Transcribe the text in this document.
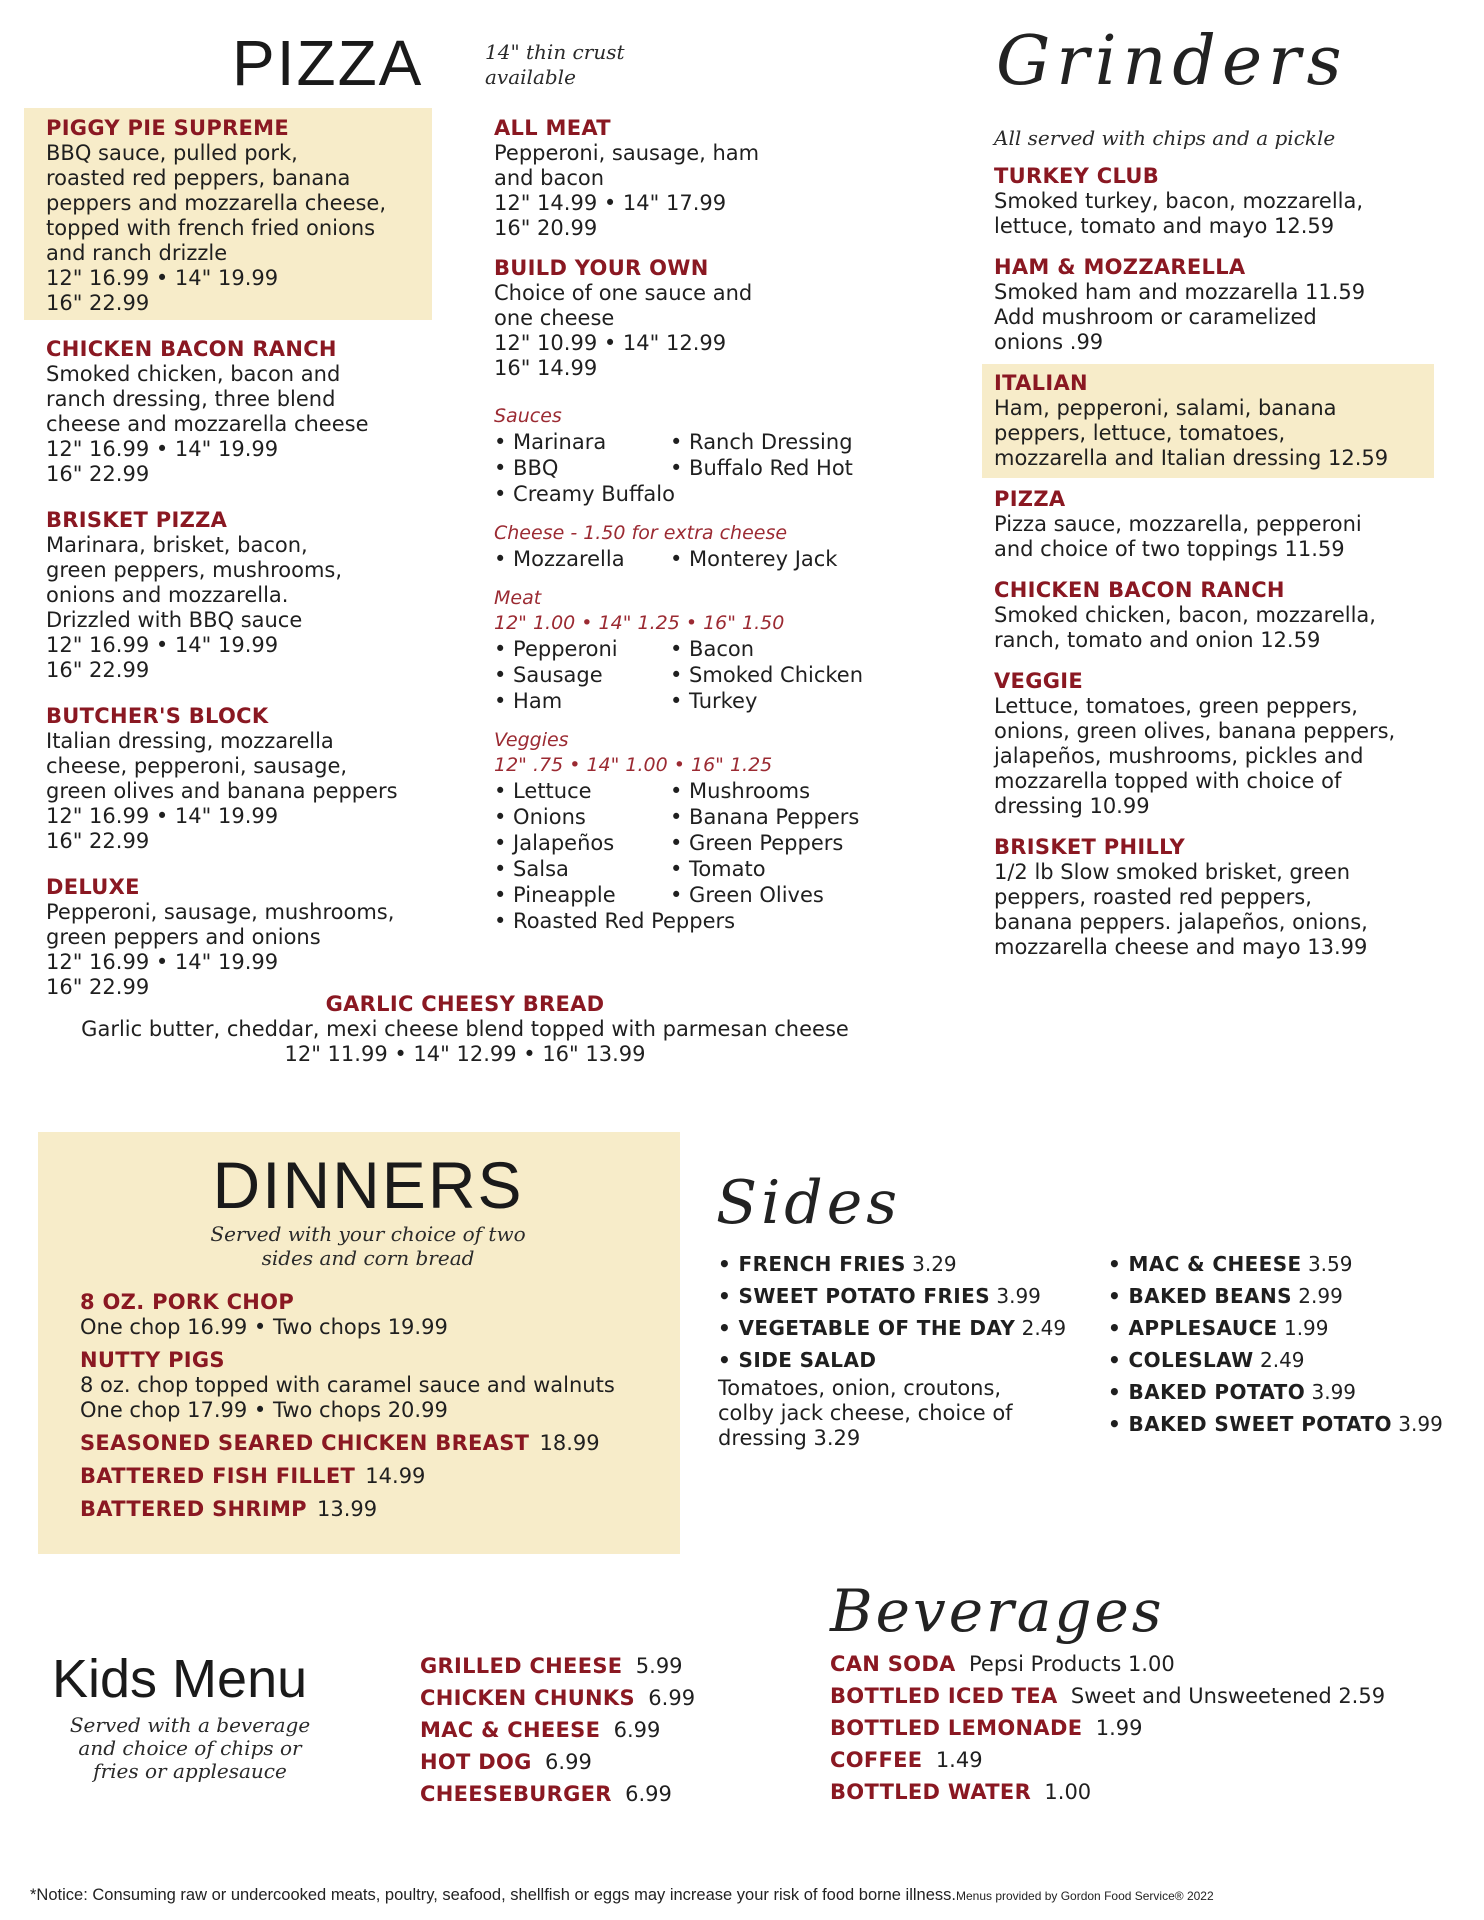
PIZZA	14" thin crust
available
PIGGY PIE SUPREME
BBQ sauce, pulled pork,
roasted red peppers, banana
peppers and mozzarella cheese,
topped with french fried onions
and ranch drizzle
12" 16.99 • 14" 19.99
16" 22.99
CHICKEN BACON RANCH
Smoked chicken, bacon and
ranch dressing, three blend
cheese and mozzarella cheese
12" 16.99 • 14" 19.99
16" 22.99
BRISKET PIZZA
Marinara, brisket, bacon,
green peppers, mushrooms,
onions and mozzarella.
Drizzled with BBQ sauce
12" 16.99 • 14" 19.99
16" 22.99
BUTCHER'S BLOCK
Italian dressing, mozzarella
cheese, pepperoni, sausage,
green olives and banana peppers
12" 16.99 • 14" 19.99
16" 22.99
DELUXE
Pepperoni, sausage, mushrooms,
green peppers and onions
12" 16.99 • 14" 19.99
16" 22.99
ALL MEAT
Pepperoni, sausage, ham
and bacon
12" 14.99 • 14" 17.99
16" 20.99
BUILD YOUR OWN
Choice of one sauce and
one cheese
12" 10.99 • 14" 12.99
16" 14.99
Sauces
• Marinara
• BBQ
• Creamy Buffalo
• Ranch Dressing
• Buffalo Red Hot
Cheese - 1.50 for extra cheese
• Mozzarella	• Monterey Jack
Meat
12" 1.00 • 14" 1.25 • 16" 1.50
• Pepperoni
• Sausage
• Ham
• Bacon
• Smoked Chicken
• Turkey
Veggies
12" .75 • 14" 1.00 • 16" 1.25
• Lettuce
• Onions
• Jalapeños
• Salsa
• Pineapple
• Roasted Red Peppers
• Mushrooms
• Banana Peppers
• Green Peppers
• Tomato
• Green Olives
GARLIC CHEESY BREAD
Garlic butter, cheddar, mexi cheese blend topped with parmesan cheese
12" 11.99 • 14" 12.99 • 16" 13.99
Grinders
All served with chips and a pickle
TURKEY CLUB
Smoked turkey, bacon, mozzarella,
lettuce, tomato and mayo 12.59
HAM & MOZZARELLA
Smoked ham and mozzarella 11.59
Add mushroom or caramelized
onions .99
ITALIAN
Ham, pepperoni, salami, banana
peppers, lettuce, tomatoes,
mozzarella and Italian dressing 12.59
PIZZA
Pizza sauce, mozzarella, pepperoni
and choice of two toppings 11.59
CHICKEN BACON RANCH
Smoked chicken, bacon, mozzarella,
ranch, tomato and onion 12.59
VEGGIE
Lettuce, tomatoes, green peppers,
onions, green olives, banana peppers,
jalapeños, mushrooms, pickles and
mozzarella topped with choice of
dressing 10.99
BRISKET PHILLY
1/2 lb Slow smoked brisket, green
peppers, roasted red peppers,
banana peppers. jalapeños, onions,
mozzarella cheese and mayo 13.99
DINNERS
Served with your choice of two
sides and corn bread
8 OZ. PORK CHOP
One chop 16.99 • Two chops 19.99
NUTTY PIGS
8 oz. chop topped with caramel sauce and walnuts
One chop 17.99 • Two chops 20.99
SEASONED SEARED CHICKEN BREAST 18.99
BATTERED FISH FILLET 14.99
BATTERED SHRIMP 13.99
Sides
• FRENCH FRIES 3.29
• SWEET POTATO FRIES 3.99
• VEGETABLE OF THE DAY 2.49
• SIDE SALAD
Tomatoes, onion, croutons,
colby jack cheese, choice of
dressing 3.29
• MAC & CHEESE 3.59
• BAKED BEANS 2.99
• APPLESAUCE 1.99
• COLESLAW 2.49
• BAKED POTATO 3.99
• BAKED SWEET POTATO 3.99
Kids Menu
Served with a beverage
and choice of chips or
fries or applesauce
GRILLED CHEESE 5.99
CHICKEN CHUNKS 6.99
MAC & CHEESE 6.99
HOT DOG 6.99
CHEESEBURGER 6.99
Beverages
CAN SODA Pepsi Products 1.00
BOTTLED ICED TEA Sweet and Unsweetened 2.59
BOTTLED LEMONADE 1.99
COFFEE 1.49
BOTTLED WATER 1.00
*Notice: Consuming raw or undercooked meats, poultry, seafood, shellfish or eggs may increase your risk of food borne illness.Menus provided by Gordon Food Service® 2022
